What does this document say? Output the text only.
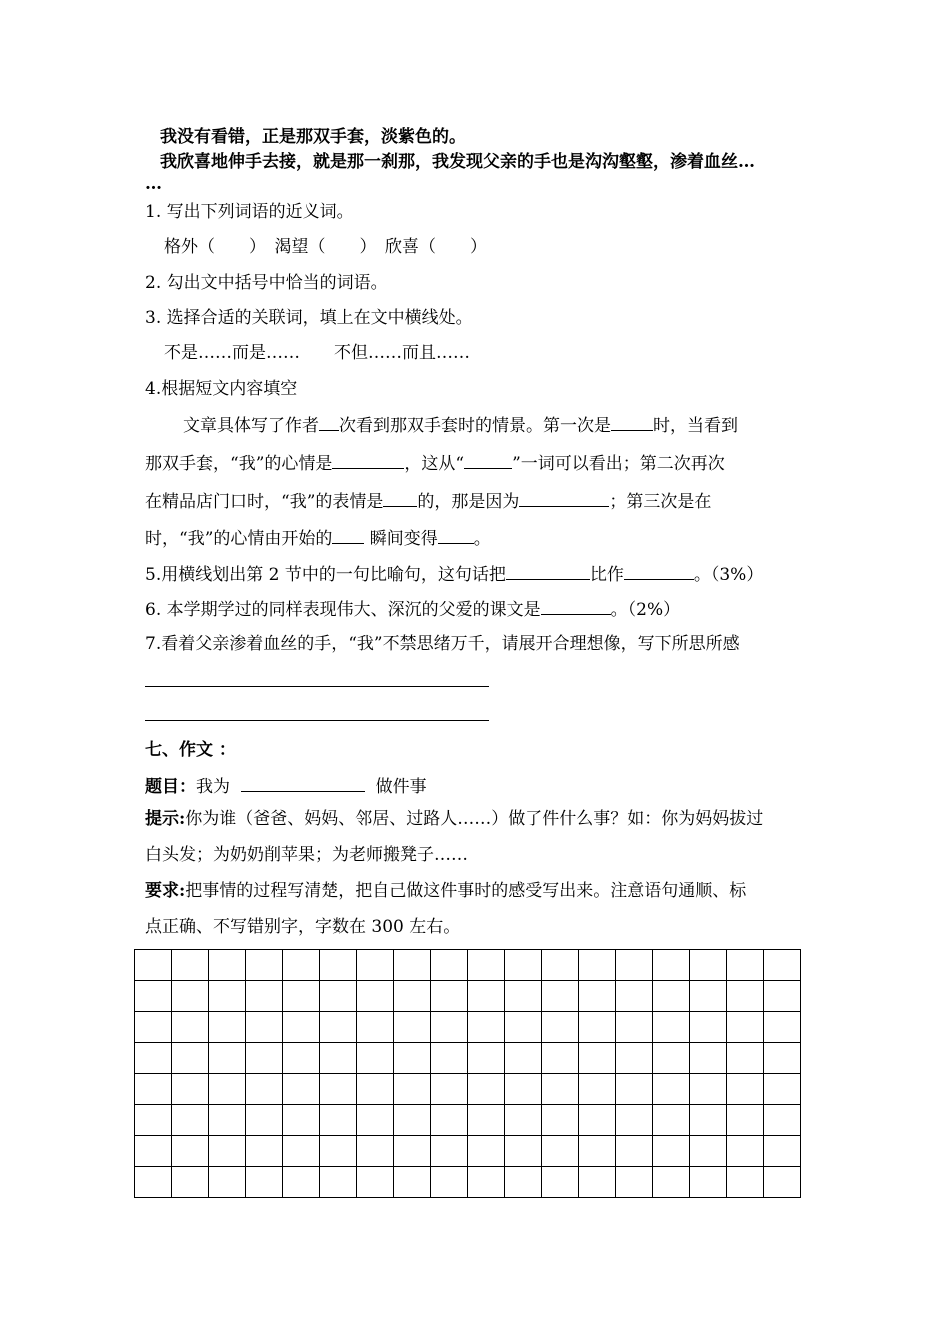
我没有看错，正是那双手套，淡紫色的。
我欣喜地伸手去接，就是那一刹那，我发现父亲的手也是沟沟壑壑，渗着血丝…
…
1. 写出下列词语的近义词。
格外（　　）　渴望（　　）　欣喜（　　）
2. 勾出文中括号中恰当的词语。
3. 选择合适的关联词，填上在文中横线处。
不是……而是……　　不但……而且……
4.根据短文内容填空
文章具体写了作者 次看到那双手套时的情景。第一次是 时，当看到
那双手套，“我”的心情是	，这从“	”一词可以看出；第二次再次
在精品店门口时，“我”的表情是 的，那是因为	；第三次是在
时，“我”的心情由开始的 瞬间变得 。
5.用横线划出第 2 节中的一句比喻句，这句话把	比作	。（3%）
6. 本学期学过的同样表现伟大、深沉的父爱的课文是	。（2%）
7.看着父亲渗着血丝的手，“我”不禁思绪万千，请展开合理想像，写下所思所感
七、作文 ：
题目：我为	做件事
提示:你为谁（爸爸、妈妈、邻居、过路人……）做了件什么事？如：你为妈妈拔过
白头发；为奶奶削苹果；为老师搬凳子……
要求:把事情的过程写清楚，把自己做这件事时的感受写出来。注意语句通顺、标
点正确、不写错别字，字数在 300 左右。
